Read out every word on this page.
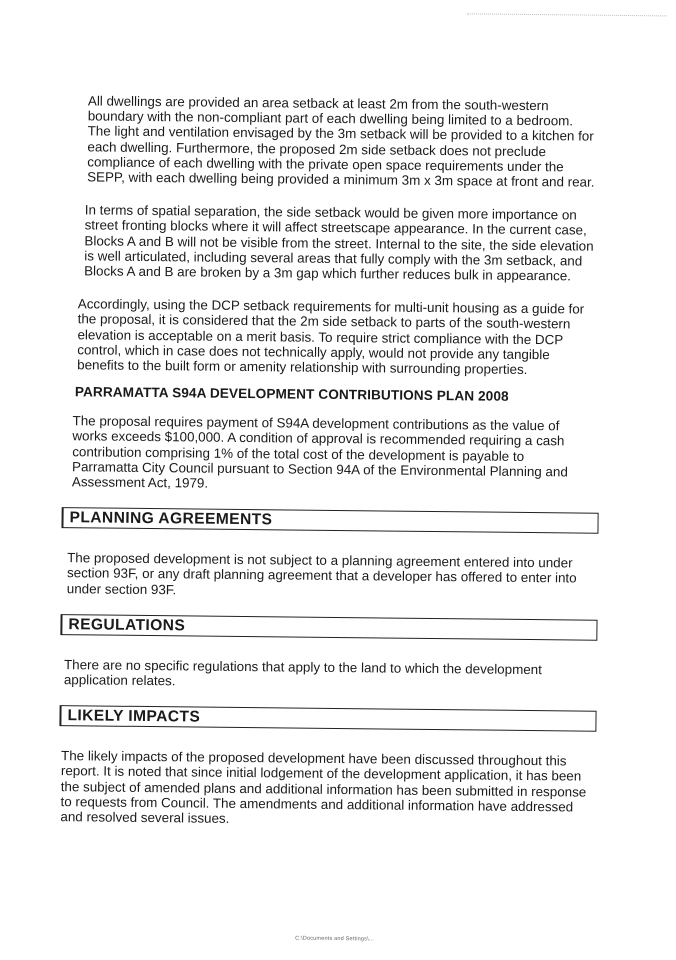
All dwellings are provided an area setback at least 2m from the south-western boundary with the non-compliant part of each dwelling being limited to a bedroom. The light and ventilation envisaged by the 3m setback will be provided to a kitchen for each dwelling. Furthermore, the proposed 2m side setback does not preclude compliance of each dwelling with the private open space requirements under the SEPP, with each dwelling being provided a minimum 3m x 3m space at front and rear.

In terms of spatial separation, the side setback would be given more importance on street fronting blocks where it will affect streetscape appearance. In the current case, Blocks A and B will not be visible from the street. Internal to the site, the side elevation is well articulated, including several areas that fully comply with the 3m setback, and Blocks A and B are broken by a 3m gap which further reduces bulk in appearance.

Accordingly, using the DCP setback requirements for multi-unit housing as a guide for the proposal, it is considered that the 2m side setback to parts of the south-western elevation is acceptable on a merit basis. To require strict compliance with the DCP control, which in case does not technically apply, would not provide any tangible benefits to the built form or amenity relationship with surrounding properties.

PARRAMATTA S94A DEVELOPMENT CONTRIBUTIONS PLAN 2008

The proposal requires payment of S94A development contributions as the value of works exceeds $100,000. A condition of approval is recommended requiring a cash contribution comprising 1% of the total cost of the development is payable to Parramatta City Council pursuant to Section 94A of the Environmental Planning and Assessment Act, 1979.

PLANNING AGREEMENTS

The proposed development is not subject to a planning agreement entered into under section 93F, or any draft planning agreement that a developer has offered to enter into under section 93F.

REGULATIONS

There are no specific regulations that apply to the land to which the development application relates.

LIKELY IMPACTS

The likely impacts of the proposed development have been discussed throughout this report. It is noted that since initial lodgement of the development application, it has been the subject of amended plans and additional information has been submitted in response to requests from Council. The amendments and additional information have addressed and resolved several issues.

C:\Documents and Settings\...
